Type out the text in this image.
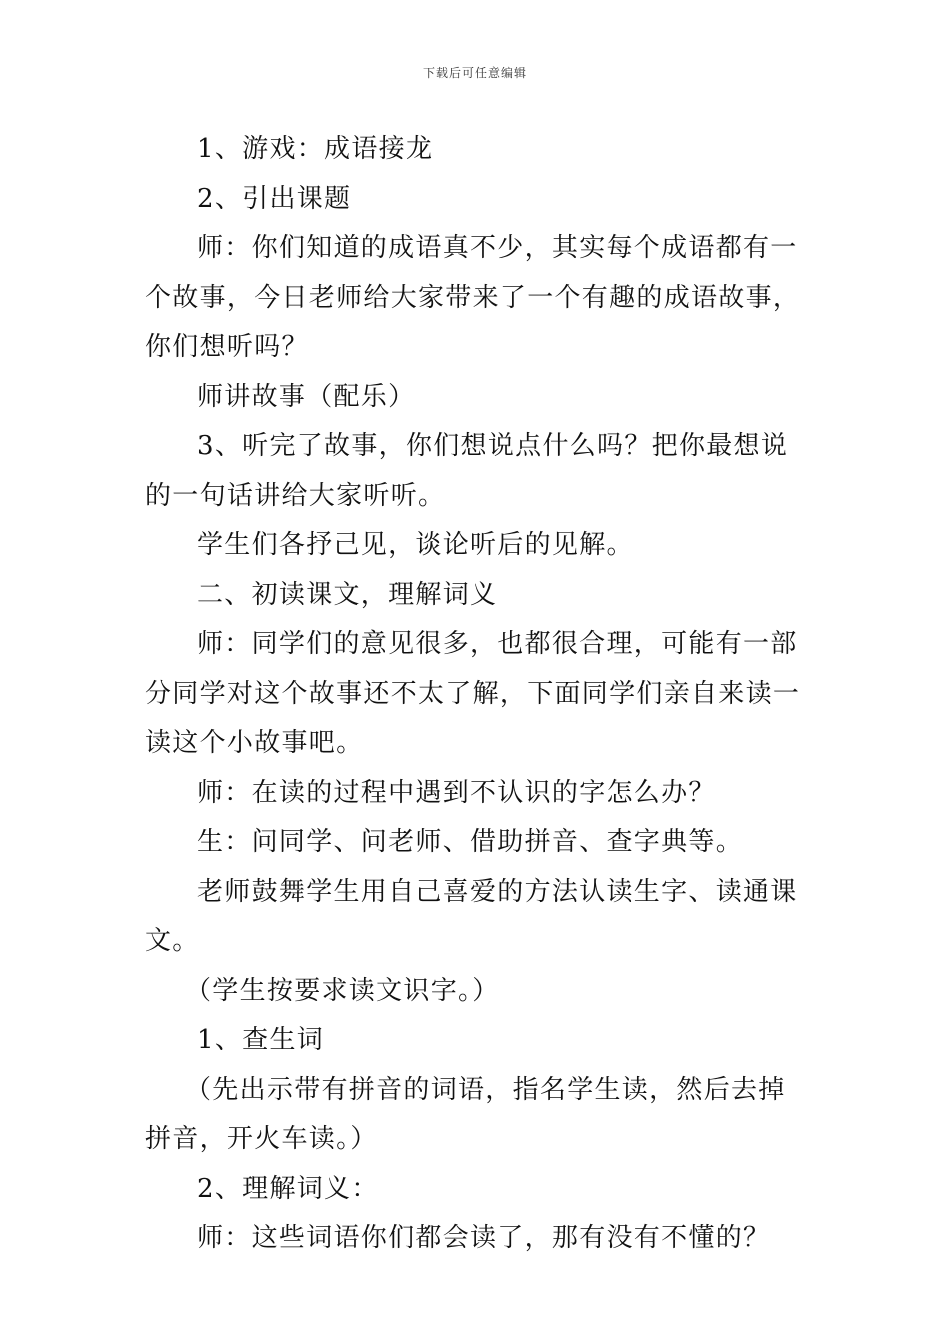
下载后可任意编辑

1、游戏：成语接龙

2、引出课题

师：你们知道的成语真不少，其实每个成语都有一个故事，今日老师给大家带来了一个有趣的成语故事，你们想听吗？

师讲故事（配乐）

3、听完了故事，你们想说点什么吗？把你最想说的一句话讲给大家听听。

学生们各抒己见，谈论听后的见解。

二、初读课文，理解词义

师：同学们的意见很多，也都很合理，可能有一部分同学对这个故事还不太了解，下面同学们亲自来读一读这个小故事吧。

师：在读的过程中遇到不认识的字怎么办？

生：问同学、问老师、借助拼音、查字典等。

老师鼓舞学生用自己喜爱的方法认读生字、读通课文。

（学生按要求读文识字。）

1、查生词

（先出示带有拼音的词语，指名学生读，然后去掉拼音，开火车读。）

2、理解词义：

师：这些词语你们都会读了，那有没有不懂的？
